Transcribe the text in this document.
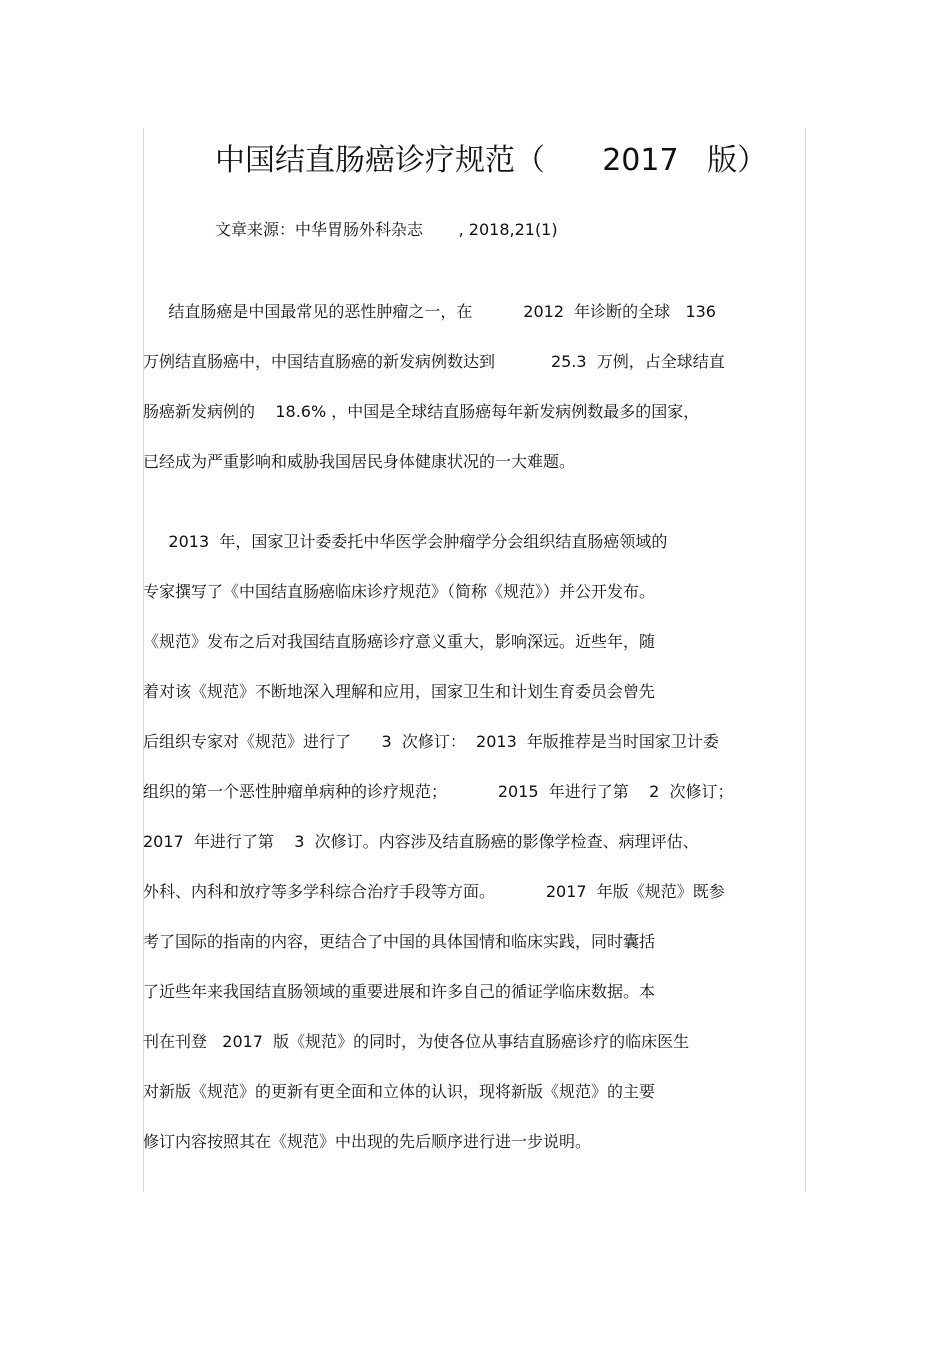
中国结直肠癌诊疗规范（      2017   版）
文章来源：中华胃肠外科杂志       , 2018,21(1)
结直肠癌是中国最常见的恶性肿瘤之一，在          2012  年诊断的全球   136
万例结直肠癌中，中国结直肠癌的新发病例数达到           25.3  万例，占全球结直
肠癌新发病例的    18.6% ，中国是全球结直肠癌每年新发病例数最多的国家，
已经成为严重影响和威胁我国居民身体健康状况的一大难题。
2013  年，国家卫计委委托中华医学会肿瘤学分会组织结直肠癌领域的
专家撰写了《中国结直肠癌临床诊疗规范》（简称《规范》）并公开发布。
《规范》发布之后对我国结直肠癌诊疗意义重大，影响深远。近些年，随
着对该《规范》不断地深入理解和应用，国家卫生和计划生育委员会曾先
后组织专家对《规范》进行了      3  次修订：  2013  年版推荐是当时国家卫计委
组织的第一个恶性肿瘤单病种的诊疗规范；          2015  年进行了第    2  次修订；
2017  年进行了第    3  次修订。内容涉及结直肠癌的影像学检查、病理评估、
外科、内科和放疗等多学科综合治疗手段等方面。          2017  年版《规范》既参
考了国际的指南的内容，更结合了中国的具体国情和临床实践，同时囊括
了近些年来我国结直肠领域的重要进展和许多自己的循证学临床数据。本
刊在刊登   2017  版《规范》的同时，为使各位从事结直肠癌诊疗的临床医生
对新版《规范》的更新有更全面和立体的认识，现将新版《规范》的主要
修订内容按照其在《规范》中出现的先后顺序进行进一步说明。
